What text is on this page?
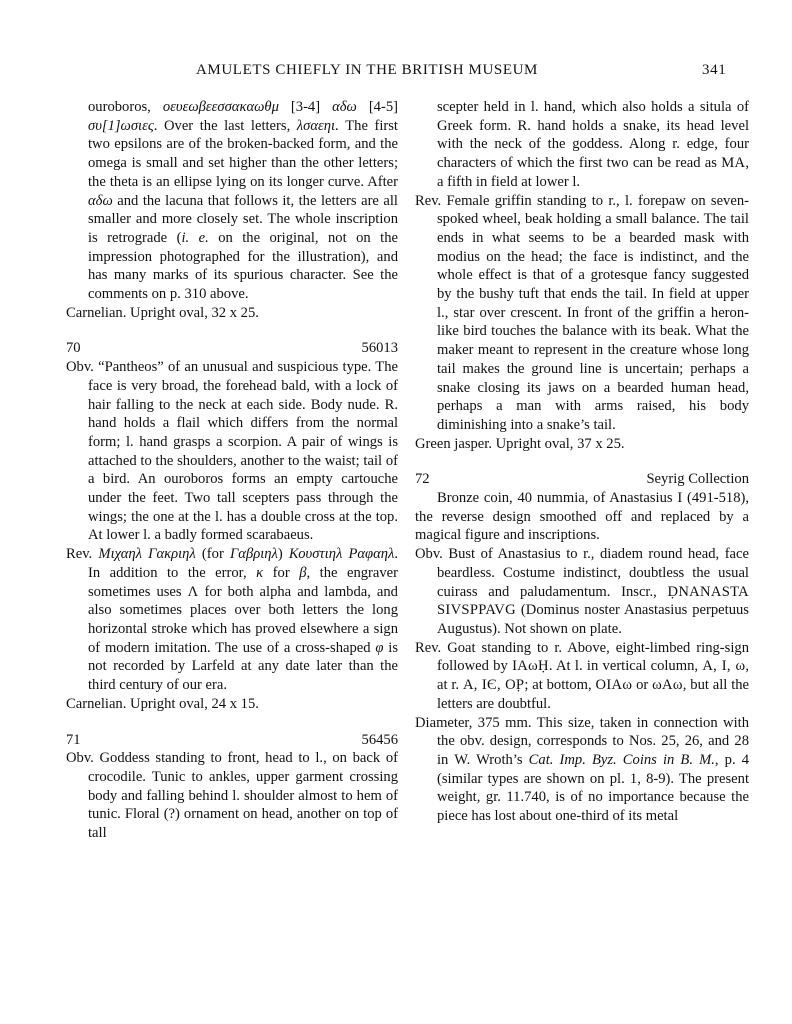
AMULETS CHIEFLY IN THE BRITISH MUSEUM	341

ouroboros, οευεωβεεσσακαωθμ [3-4] αδω [4-5] συ[1]ωσιες. Over the last letters, λσαεηι. The first two epsilons are of the broken-backed form, and the omega is small and set higher than the other letters; the theta is an ellipse lying on its longer curve. After αδω and the lacuna that follows it, the letters are all smaller and more closely set. The whole inscription is retrograde (i. e. on the original, not on the impression photographed for the illustration), and has many marks of its spurious character. See the comments on p. 310 above.

Carnelian. Upright oval, 32 x 25.

70	56013

Obv. “Pantheos” of an unusual and suspicious type. The face is very broad, the forehead bald, with a lock of hair falling to the neck at each side. Body nude. R. hand holds a flail which differs from the normal form; l. hand grasps a scorpion. A pair of wings is attached to the shoulders, another to the waist; tail of a bird. An ouroboros forms an empty cartouche under the feet. Two tall scepters pass through the wings; the one at the l. has a double cross at the top. At lower l. a badly formed scarabaeus.

Rev. Μιχαηλ Γακριηλ (for Γαβριηλ) Κουστιηλ Ραφαηλ. In addition to the error, κ for β, the engraver sometimes uses Λ for both alpha and lambda, and also sometimes places over both letters the long horizontal stroke which has proved elsewhere a sign of modern imitation. The use of a cross-shaped φ is not recorded by Larfeld at any date later than the third century of our era.

Carnelian. Upright oval, 24 x 15.

71	56456

Obv. Goddess standing to front, head to l., on back of crocodile. Tunic to ankles, upper garment crossing body and falling behind l. shoulder almost to hem of tunic. Floral (?) ornament on head, another on top of tall

scepter held in l. hand, which also holds a situla of Greek form. R. hand holds a snake, its head level with the neck of the goddess. Along r. edge, four characters of which the first two can be read as MA, a fifth in field at lower l.

Rev. Female griffin standing to r., l. forepaw on seven-spoked wheel, beak holding a small balance. The tail ends in what seems to be a bearded mask with modius on the head; the face is indistinct, and the whole effect is that of a grotesque fancy suggested by the bushy tuft that ends the tail. In field at upper l., star over crescent. In front of the griffin a heron-like bird touches the balance with its beak. What the maker meant to represent in the creature whose long tail makes the ground line is uncertain; perhaps a snake closing its jaws on a bearded human head, perhaps a man with arms raised, his body diminishing into a snake’s tail.

Green jasper. Upright oval, 37 x 25.

72	Seyrig Collection

Bronze coin, 40 nummia, of Anastasius I (491-518), the reverse design smoothed off and replaced by a magical figure and inscriptions.

Obv. Bust of Anastasius to r., diadem round head, face beardless. Costume indistinct, doubtless the usual cuirass and paludamentum. Inscr., ḌNANASTA SIVSPPAVG (Dominus noster Anastasius perpetuus Augustus). Not shown on plate.

Rev. Goat standing to r. Above, eight-limbed ring-sign followed by IAωḤ. At l. in vertical column, A, I, ω, at r. A, IЄ, OP̣; at bottom, OIAω or ωAω, but all the letters are doubtful.

Diameter, 375 mm. This size, taken in connection with the obv. design, corresponds to Nos. 25, 26, and 28 in W. Wroth’s Cat. Imp. Byz. Coins in B. M., p. 4 (similar types are shown on pl. 1, 8-9). The present weight, gr. 11.740, is of no importance because the piece has lost about one-third of its metal
